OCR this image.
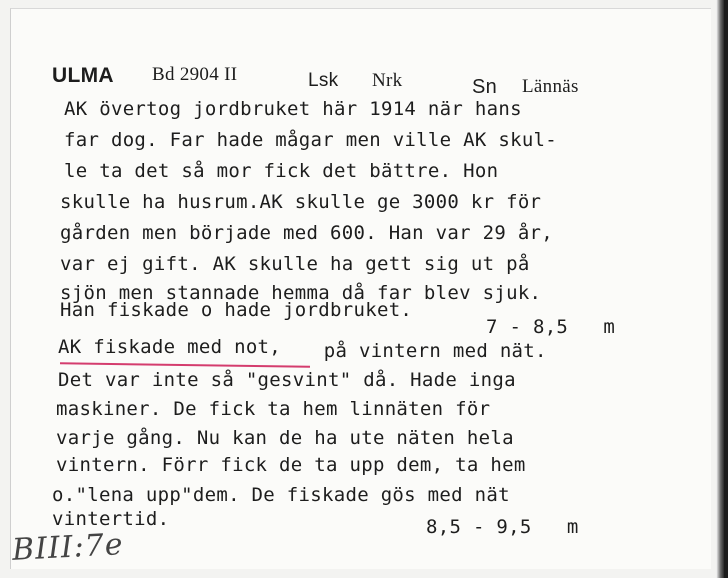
ULMA Bd 2904 II	Lsk Nrk	Sn Lännäs
AK övertog jordbruket här 1914 när hans
far dog. Far hade mågar men ville AK skul-
le ta det så mor fick det bättre. Hon
skulle ha husrum.AK skulle ge 3000 kr för
gården men började med 600. Han var 29 år,
var ej gift. AK skulle ha gett sig ut på
sjön men stannade hemma då far blev sjuk.
Han fiskade o hade jordbruket.
7 - 8,5   m
AK fiskade med not, på vintern med nät.
Det var inte så "gesvint" då. Hade inga
maskiner. De fick ta hem linnäten för
varje gång. Nu kan de ha ute näten hela
vintern. Förr fick de ta upp dem, ta hem
o."lena upp"dem. De fiskade gös med nät
vintertid.	8,5 - 9,5   m
BIII:7e
